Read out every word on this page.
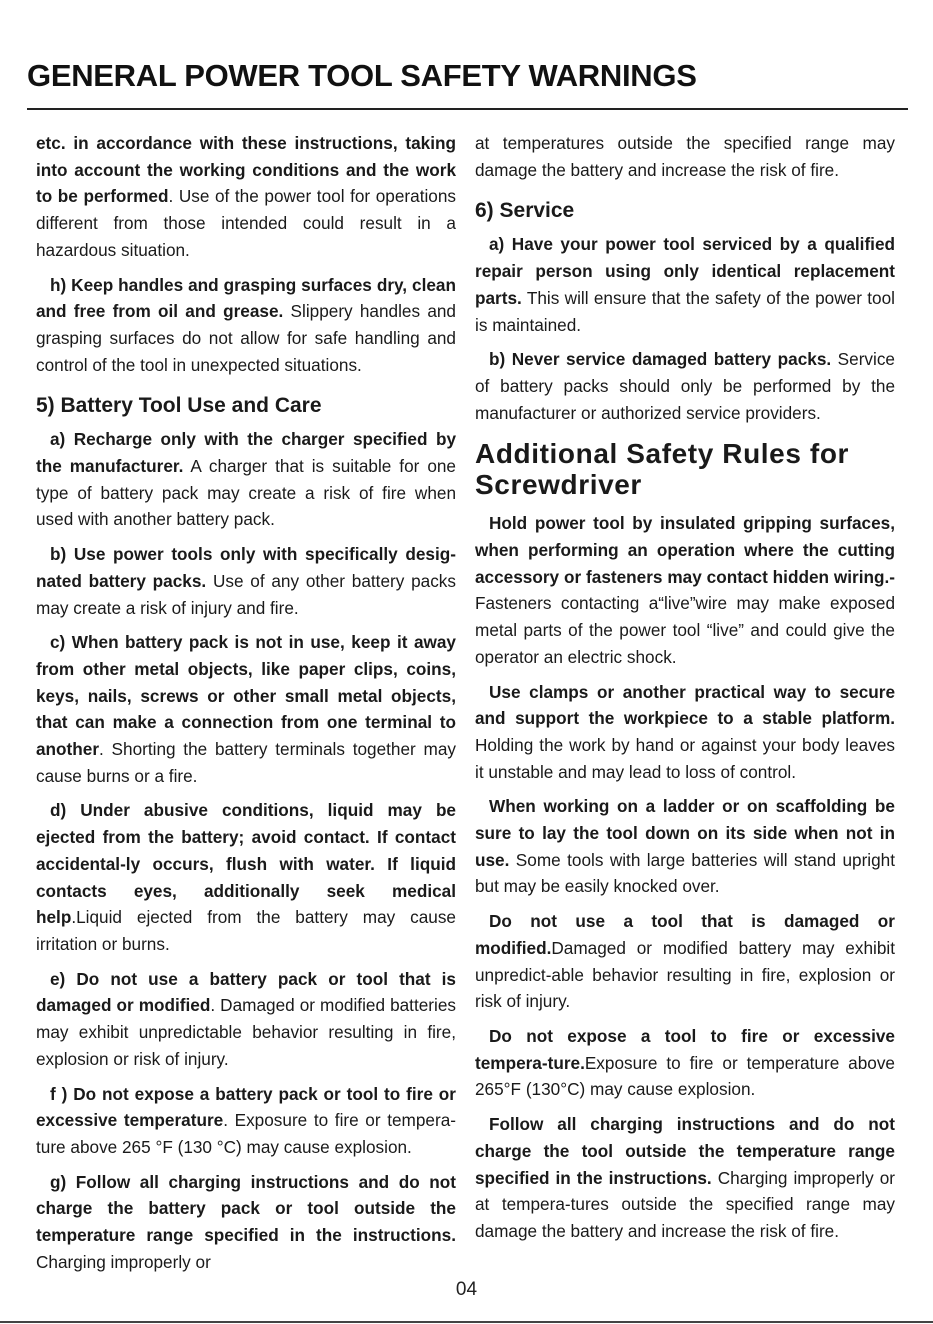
GENERAL POWER TOOL SAFETY WARNINGS

etc. in accordance with these instructions, taking into account the working conditions and the work to be performed. Use of the power tool for operations different from those intended could result in a hazardous situation.

h) Keep handles and grasping surfaces dry, clean and free from oil and grease. Slippery handles and grasping surfaces do not allow for safe handling and control of the tool in unexpected situations.

5) Battery Tool Use and Care

a) Recharge only with the charger specified by the manufacturer. A charger that is suitable for one type of battery pack may create a risk of fire when used with another battery pack.

b) Use power tools only with specifically desig-nated battery packs. Use of any other battery packs may create a risk of injury and fire.

c) When battery pack is not in use, keep it away from other metal objects, like paper clips, coins, keys, nails, screws or other small metal objects, that can make a connection from one terminal to another. Shorting the battery terminals together may cause burns or a fire.

d) Under abusive conditions, liquid may be ejected from the battery; avoid contact. If contact accidental-ly occurs, flush with water. If liquid contacts eyes, additionally seek medical help.Liquid ejected from the battery may cause irritation or burns.

e) Do not use a battery pack or tool that is damaged or modified. Damaged or modified batteries may exhibit unpredictable behavior resulting in fire, explosion or risk of injury.

f ) Do not expose a battery pack or tool to fire or excessive temperature. Exposure to fire or tempera-ture above 265 °F (130 °C) may cause explosion.

g) Follow all charging instructions and do not charge the battery pack or tool outside the temperature range specified in the instructions. Charging improperly or

at temperatures outside the specified range may damage the battery and increase the risk of fire.

6) Service

a) Have your power tool serviced by a qualified repair person using only identical replacement parts. This will ensure that the safety of the power tool is maintained.

b) Never service damaged battery packs. Service of battery packs should only be performed by the manufacturer or authorized service providers.

Additional Safety Rules for Screwdriver

Hold power tool by insulated gripping surfaces, when performing an operation where the cutting accessory or fasteners may contact hidden wiring.-Fasteners contacting a“live”wire may make exposed metal parts of the power tool “live” and could give the operator an electric shock.

Use clamps or another practical way to secure and support the workpiece to a stable platform. Holding the work by hand or against your body leaves it unstable and may lead to loss of control.

When working on a ladder or on scaffolding be sure to lay the tool down on its side when not in use. Some tools with large batteries will stand upright but may be easily knocked over.

Do not use a tool that is damaged or modified.Damaged or modified battery may exhibit unpredict-able behavior resulting in fire, explosion or risk of injury.

Do not expose a tool to fire or excessive tempera-ture.Exposure to fire or temperature above 265°F (130°C) may cause explosion.

Follow all charging instructions and do not charge the tool outside the temperature range specified in the instructions. Charging improperly or at tempera-tures outside the specified range may damage the battery and increase the risk of fire.

04
